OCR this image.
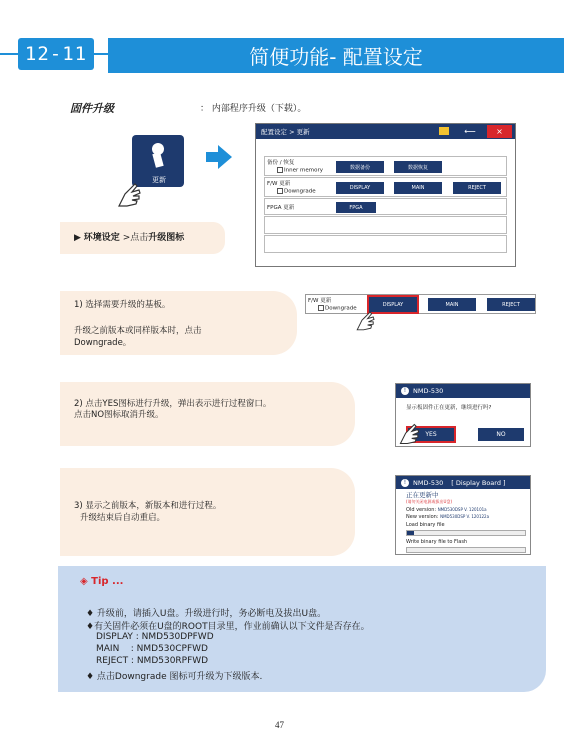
12-11	简便功能- 配置设定
固件升级	： 内部程序升级（下载）。
更新
▶ 环境设定 >点击升级图标
配置设定 > 更新	⟵	×
备份 / 恢复
Inner memory	数据备份	数据恢复
F/W 更新
Downgrade
DISPLAY	MAIN	REJECT
FPGA 更新	FPGA
1) 选择需要升级的基板。
升级之前版本或同样版本时，点击
Downgrade。
F/W 更新
Downgrade
DISPLAY	MAIN	REJECT
2) 点击YES图标进行升级，弹出表示进行过程窗口。
点击NO图标取消升级。
!	NMD-530
显示板固件正在更新，继续进行吗?
YES	NO
3) 显示之前版本，新版本和进行过程。
升级结束后自动重启。
!	NMD-530 [ Display Board ]
正在更新中
(请勿关闭电源或拔出U盘)
Old version: NMD530DSP V. 120101a
New version: NMD530DSP V. 120122a
Load binary file
Write binary file to Flash
◈ Tip ...
♦ 升级前，请插入U盘。升级进行时，务必断电及拔出U盘。
♦有关固件必须在U盘的ROOT目录里，作业前确认以下文件是否存在。
DISPLAY : NMD530DPFWD
MAIN    : NMD530CPFWD
REJECT : NMD530RPFWD
♦ 点击Downgrade 图标可升级为下级版本.
47
